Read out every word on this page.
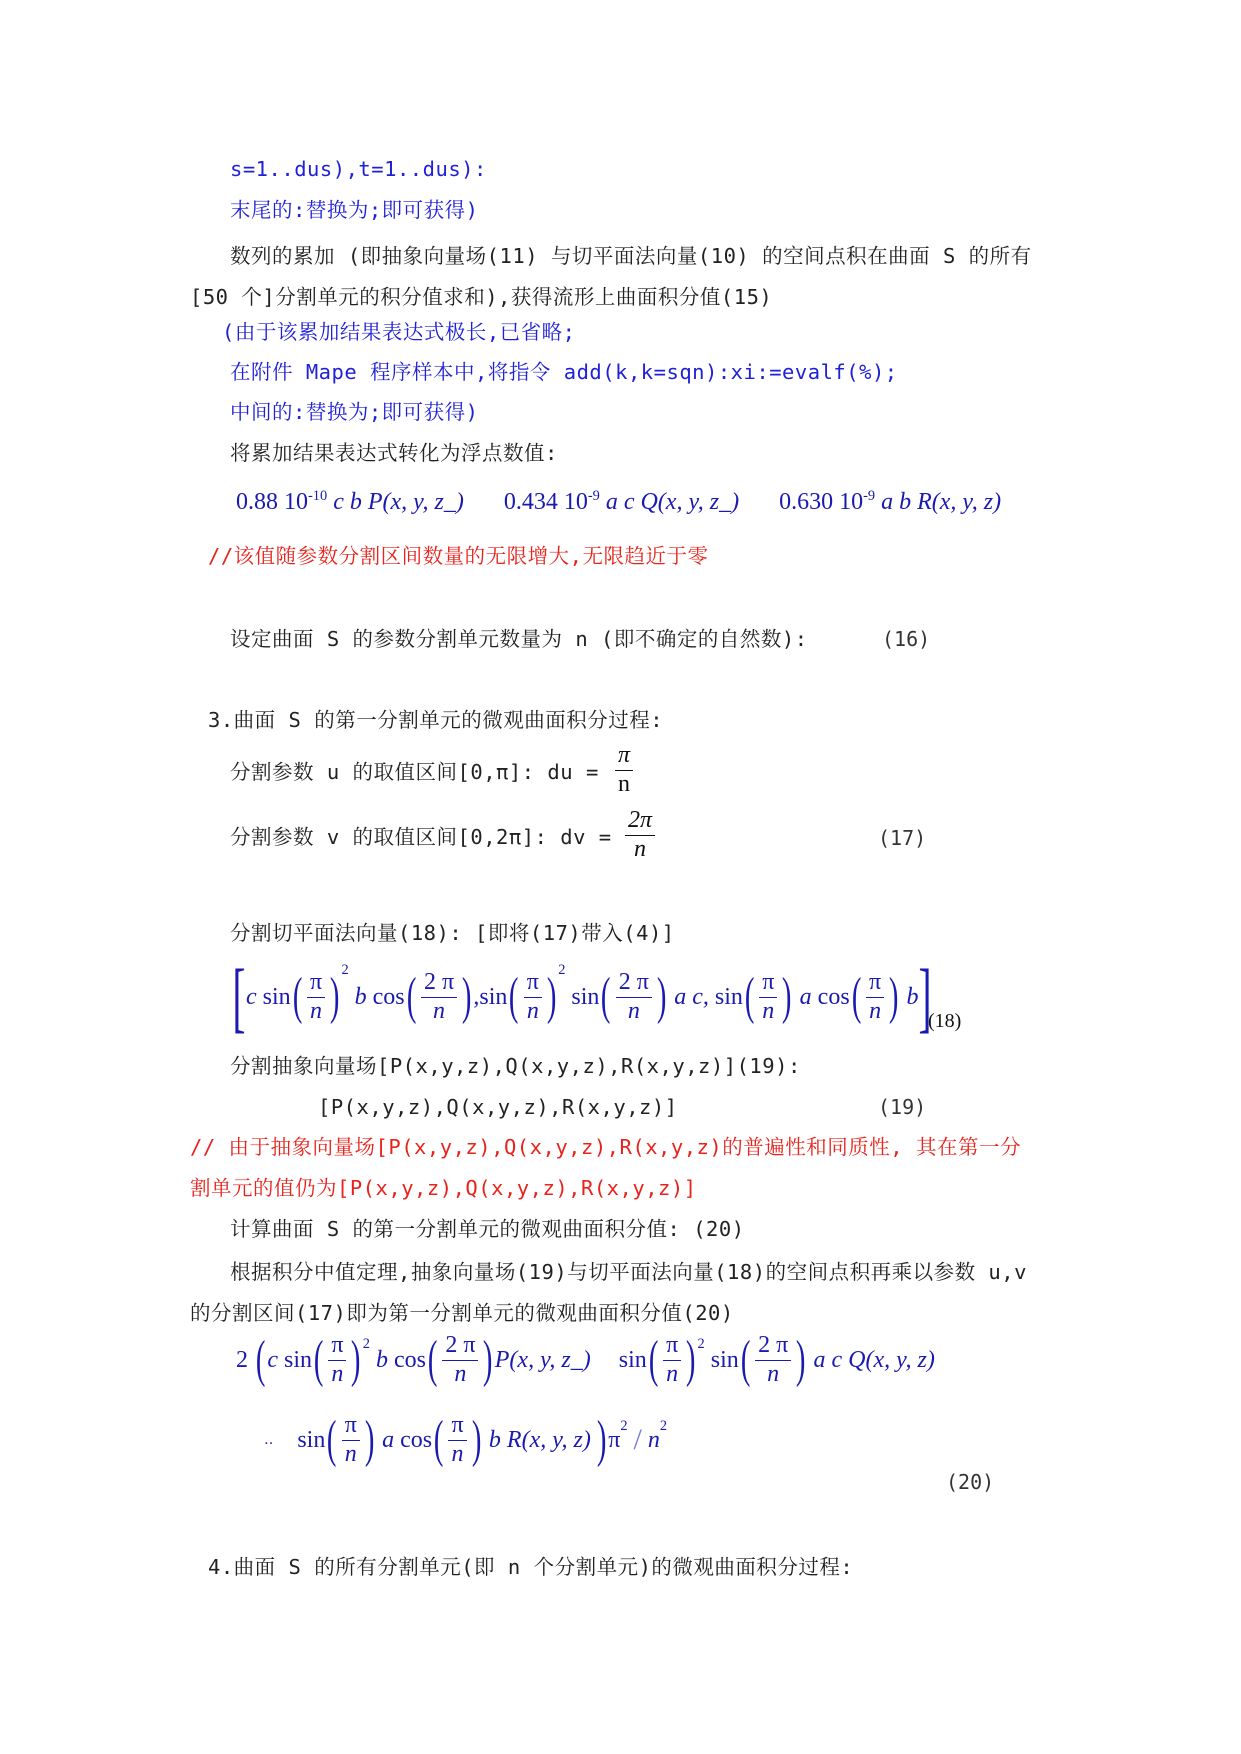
s=1..dus),t=1..dus):
末尾的:替换为;即可获得)
数列的累加 (即抽象向量场(11) 与切平面法向量(10) 的空间点积在曲面 S 的所有[50 个]分割单元的积分值求和),获得流形上曲面积分值(15)
(由于该累加结果表达式极长,已省略;
在附件 Mape 程序样本中,将指令 add(k,k=sqn):xi:=evalf(%);
中间的:替换为;即可获得)
将累加结果表达式转化为浮点数值:
0.88 $10^{-10}$ c b P(x, y, z_) 0.434 $10^{-9}$ a c Q(x, y, z_) 0.630 $10^{-9}$ a b R(x, y, z)
//该值随参数分割区间数量的无限增大,无限趋近于零
设定曲面 S 的参数分割单元数量为 n (即不确定的自然数):	(16)
3.曲面 S 的第一分割单元的微观曲面积分过程:
分割参数 u 的取值区间[0,π]: du = $\frac{\pi}{n}$
分割参数 v 的取值区间[0,2π]: dv = $\frac{2\pi}{n}$	(17)
分割切平面法向量(18): [即将(17)带入(4)]
[ c
sin ( $\frac{\pi}{n} )^2$

b
cos ( $\frac{2 \pi}{n}$ ) , sin ( $\frac{\pi}{n} )^2$

sin ( $\frac{2 \pi}{n}$ )
a c,
sin ( $\frac{\pi}{n}$ )
a
cos ( $\frac{\pi}{n}$ )
b ]
(18)
分割抽象向量场[P(x,y,z),Q(x,y,z),R(x,y,z)](19):
[P(x,y,z),Q(x,y,z),R(x,y,z)]	(19)
// 由于抽象向量场[P(x,y,z),Q(x,y,z),R(x,y,z)的普遍性和同质性, 其在第一分
割单元的值仍为[P(x,y,z),Q(x,y,z),R(x,y,z)]
计算曲面 S 的第一分割单元的微观曲面积分值: (20)
根据积分中值定理,抽象向量场(19)与切平面法向量(18)的空间点积再乘以参数 u,v 的分割区间(17)即为第一分割单元的微观曲面积分值(20)
2 ( c
sin ( $\frac{\pi}{n} )^2$

b
cos ( $\frac{2 \pi}{n}$ ) P(x, y, z_) sin ( $\frac{\pi}{n} )^2$

sin ( $\frac{2 \pi}{n}$ )
a c Q(x, y, z)
‥ sin ( $\frac{\pi}{n}$ )
a
cos ( $\frac{\pi}{n}$ )
b R(x, y, z) ) π
$^2$
/
n
$^2$
(20)
4.曲面 S 的所有分割单元(即 n 个分割单元)的微观曲面积分过程:
